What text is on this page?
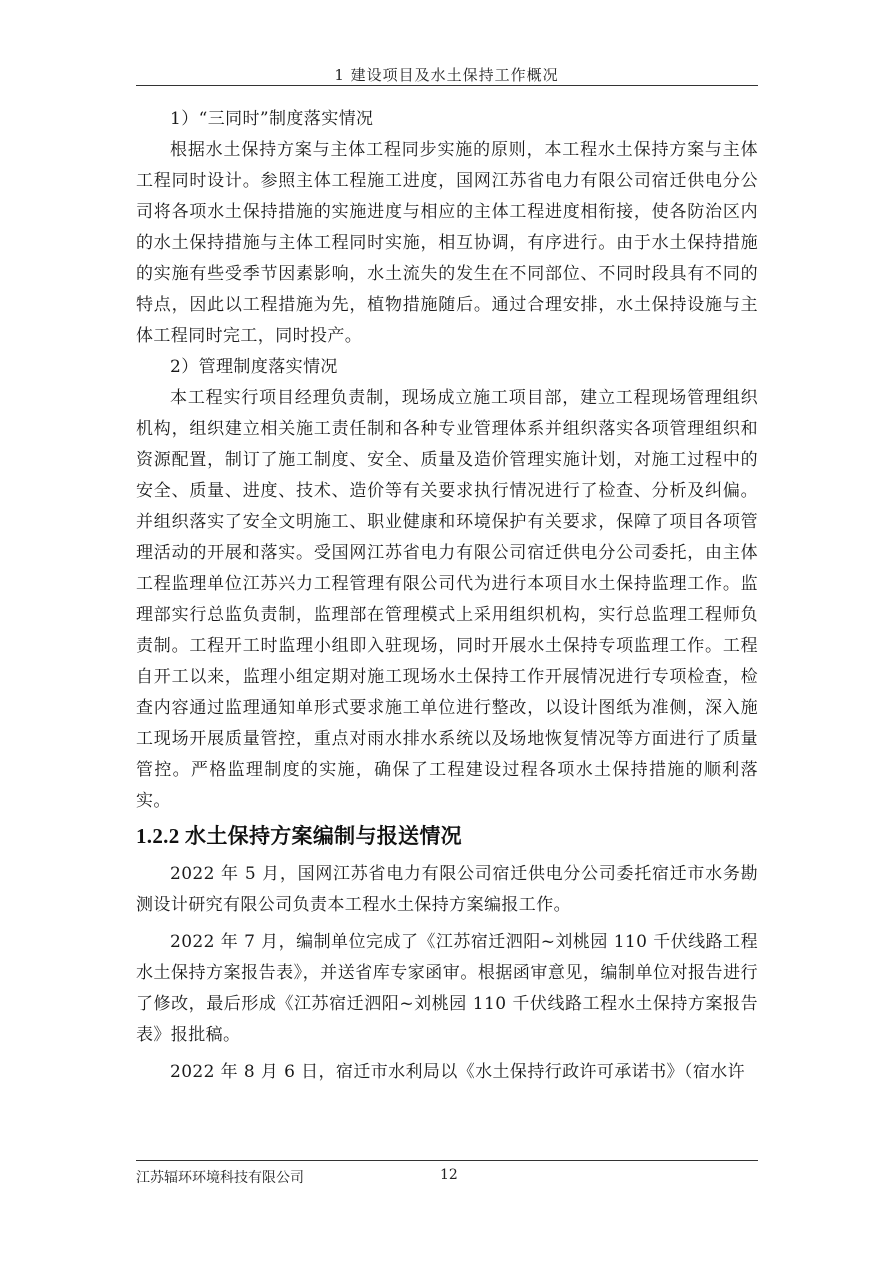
1 建设项目及水土保持工作概况

1）“三同时”制度落实情况

根据水土保持方案与主体工程同步实施的原则，本工程水土保持方案与主体工程同时设计。参照主体工程施工进度，国网江苏省电力有限公司宿迁供电分公司将各项水土保持措施的实施进度与相应的主体工程进度相衔接，使各防治区内的水土保持措施与主体工程同时实施，相互协调，有序进行。由于水土保持措施的实施有些受季节因素影响，水土流失的发生在不同部位、不同时段具有不同的特点，因此以工程措施为先，植物措施随后。通过合理安排，水土保持设施与主体工程同时完工，同时投产。

2）管理制度落实情况

本工程实行项目经理负责制，现场成立施工项目部，建立工程现场管理组织机构，组织建立相关施工责任制和各种专业管理体系并组织落实各项管理组织和资源配置，制订了施工制度、安全、质量及造价管理实施计划，对施工过程中的安全、质量、进度、技术、造价等有关要求执行情况进行了检查、分析及纠偏。并组织落实了安全文明施工、职业健康和环境保护有关要求，保障了项目各项管理活动的开展和落实。受国网江苏省电力有限公司宿迁供电分公司委托，由主体工程监理单位江苏兴力工程管理有限公司代为进行本项目水土保持监理工作。监理部实行总监负责制，监理部在管理模式上采用组织机构，实行总监理工程师负责制。工程开工时监理小组即入驻现场，同时开展水土保持专项监理工作。工程自开工以来，监理小组定期对施工现场水土保持工作开展情况进行专项检查，检查内容通过监理通知单形式要求施工单位进行整改，以设计图纸为准侧，深入施工现场开展质量管控，重点对雨水排水系统以及场地恢复情况等方面进行了质量管控。严格监理制度的实施，确保了工程建设过程各项水土保持措施的顺利落实。

1.2.2 水土保持方案编制与报送情况

2022 年 5 月，国网江苏省电力有限公司宿迁供电分公司委托宿迁市水务勘测设计研究有限公司负责本工程水土保持方案编报工作。

2022 年 7 月，编制单位完成了《江苏宿迁泗阳~刘桃园 110 千伏线路工程水土保持方案报告表》，并送省库专家函审。根据函审意见，编制单位对报告进行了修改，最后形成《江苏宿迁泗阳~刘桃园 110 千伏线路工程水土保持方案报告表》报批稿。

2022 年 8 月 6 日，宿迁市水利局以《水土保持行政许可承诺书》（宿水许

江苏辐环环境科技有限公司	12
